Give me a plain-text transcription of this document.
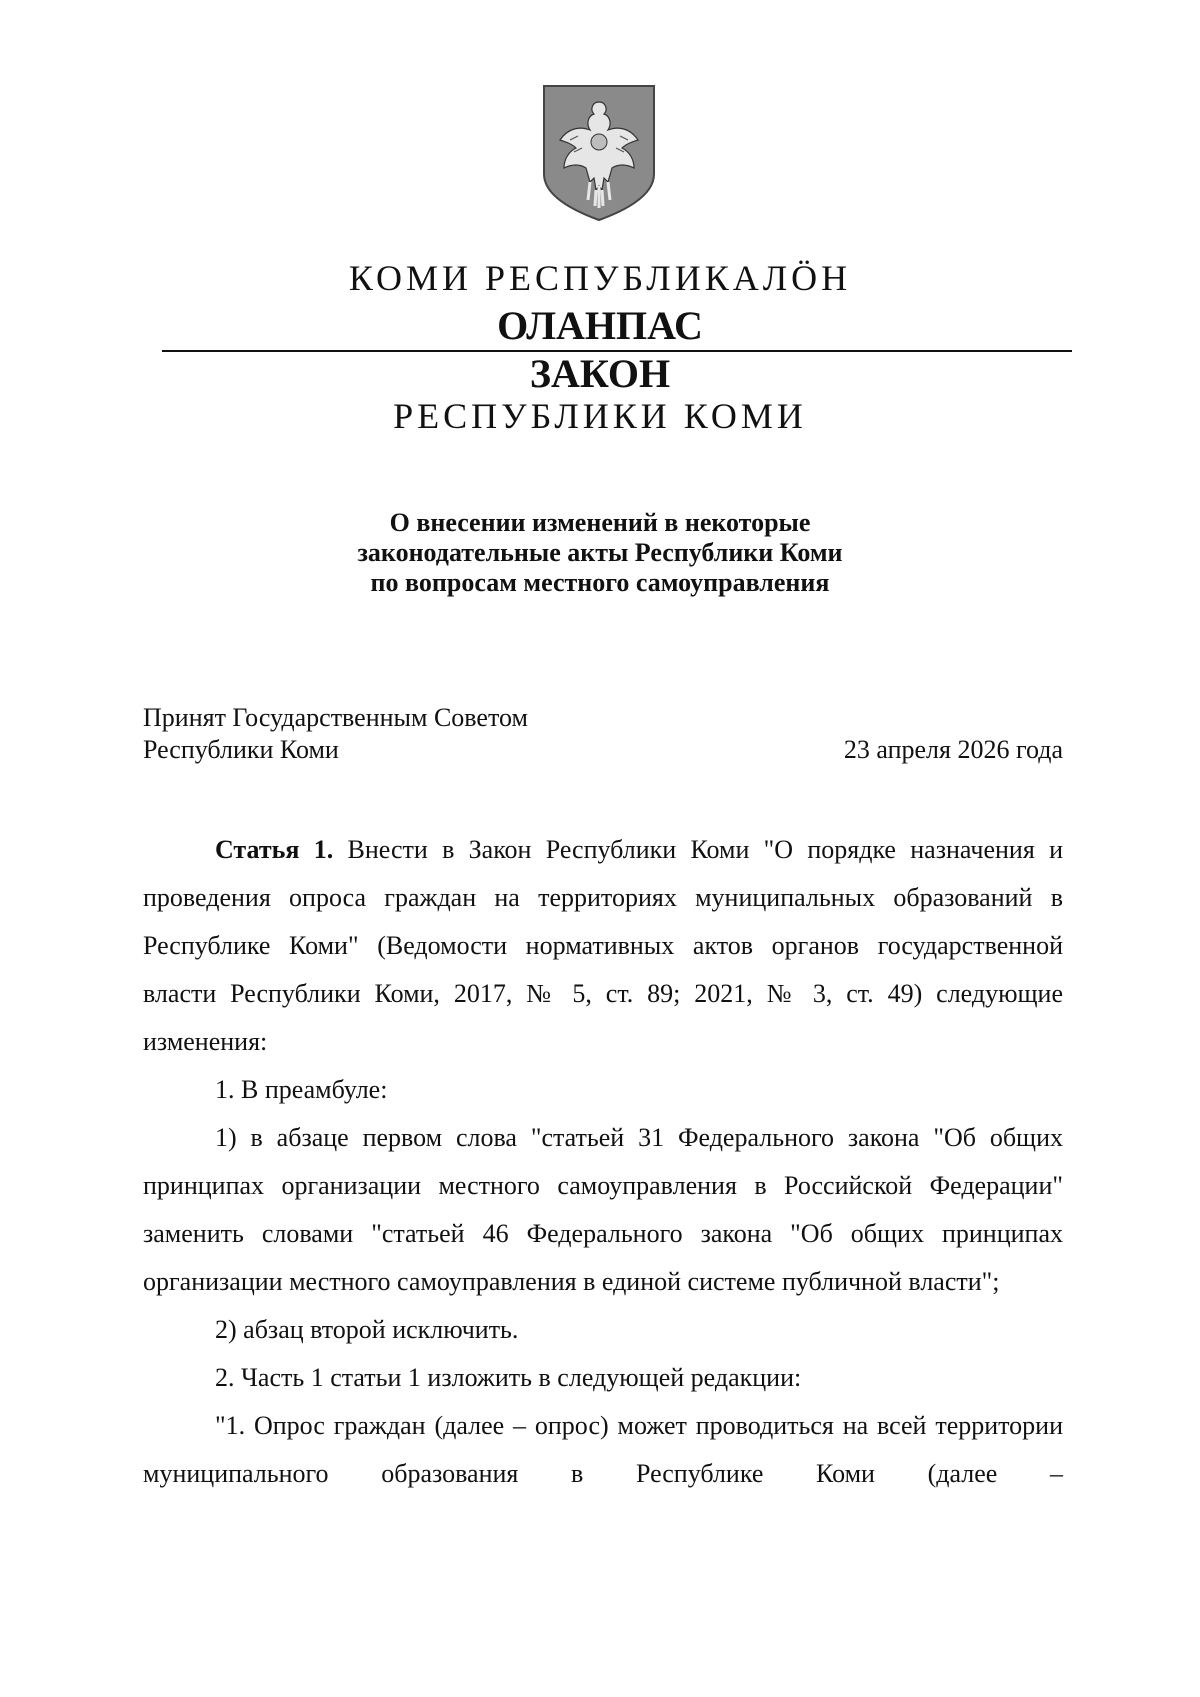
КОМИ РЕСПУБЛИКАЛÖН
ОЛАНПАС
ЗАКОН
РЕСПУБЛИКИ КОМИ
О внесении изменений в некоторые
законодательные акты Республики Коми
по вопросам местного самоуправления
Принят Государственным Советом
Республики Коми	23 апреля 2026 года

Статья 1. Внести в Закон Республики Коми "О порядке назначения и проведения опроса граждан на территориях муниципальных образований в Республике Коми" (Ведомости нормативных актов органов государственной власти Республики Коми, 2017, № 5, ст. 89; 2021, № 3, ст. 49) следующие изменения:

1. В преамбуле:

1) в абзаце первом слова "статьей 31 Федерального закона "Об общих принципах организации местного самоуправления в Российской Федерации" заменить словами "статьей 46 Федерального закона "Об общих принципах организации местного самоуправления в единой системе публичной власти";

2) абзац второй исключить.

2. Часть 1 статьи 1 изложить в следующей редакции:

"1. Опрос граждан (далее – опрос) может проводиться на всей территории муниципального образования в Республике Коми (далее –
